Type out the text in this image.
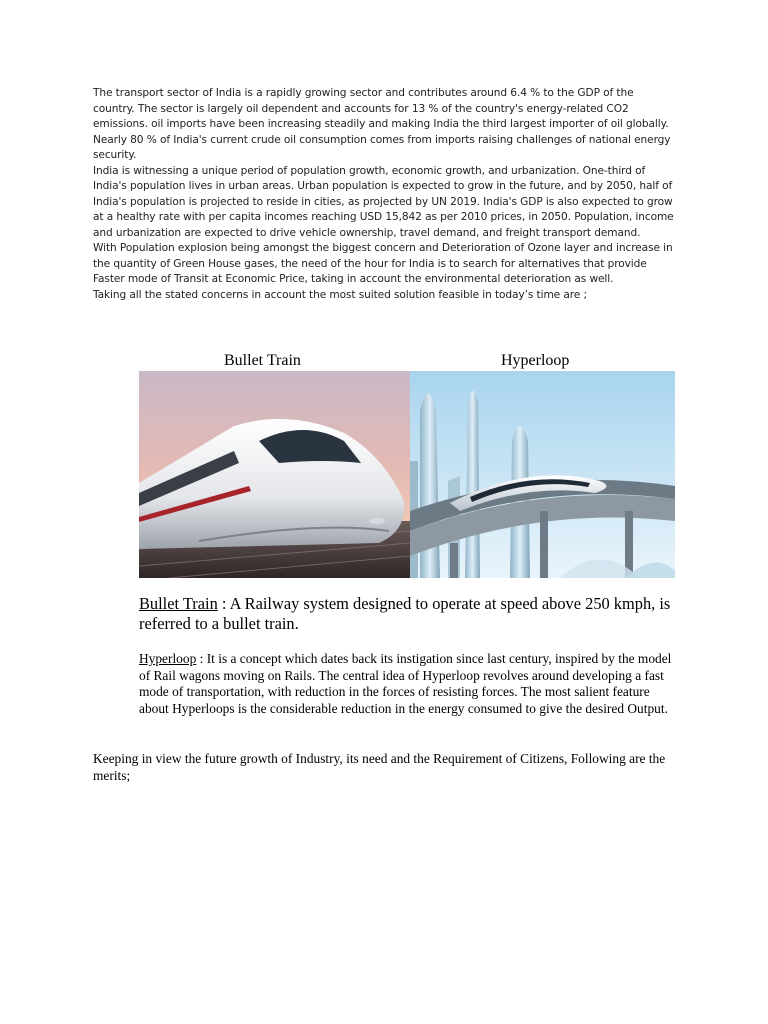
The transport sector of India is a rapidly growing sector and contributes around 6.4 % to the GDP of the country. The sector is largely oil dependent and accounts for 13 % of the country's energy-related CO2 emissions. oil imports have been increasing steadily and making India the third largest importer of oil globally. Nearly 80 % of India's current crude oil consumption comes from imports raising challenges of national energy security.

India is witnessing a unique period of population growth, economic growth, and urbanization. One-third of India's population lives in urban areas. Urban population is expected to grow in the future, and by 2050, half of India's population is projected to reside in cities, as projected by UN 2019. India's GDP is also expected to grow at a healthy rate with per capita incomes reaching USD 15,842 as per 2010 prices, in 2050. Population, income and urbanization are expected to drive vehicle ownership, travel demand, and freight transport demand.

With Population explosion being amongst the biggest concern and Deterioration of Ozone layer and increase in the quantity of Green House gases, the need of the hour for India is to search for alternatives that provide Faster mode of Transit at Economic Price, taking in account the environmental deterioration as well.

Taking all the stated concerns in account the most suited solution feasible in today’s time are ;

Bullet Train	Hyperloop

Bullet Train : A Railway system designed to operate at speed above 250 kmph, is referred to a bullet train.

Hyperloop : It is a concept which dates back its instigation since last century, inspired by the model of Rail wagons moving on Rails. The central idea of Hyperloop revolves around developing a fast mode of transportation, with reduction in the forces of resisting forces. The most salient feature about Hyperloops is the considerable reduction in the energy consumed to give the desired Output.

Keeping in view the future growth of Industry, its need and the Requirement of Citizens, Following are the merits;
